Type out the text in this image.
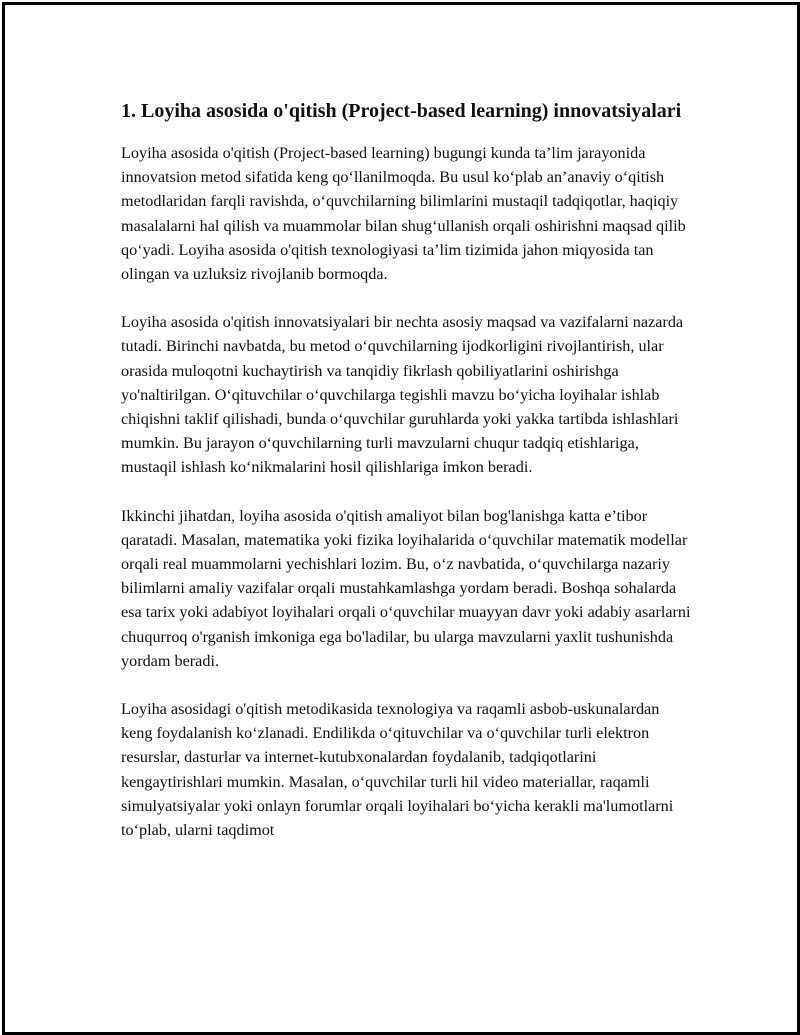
1. Loyiha asosida o'qitish (Project-based learning) innovatsiyalari

Loyiha asosida o'qitish (Project-based learning) bugungi kunda ta’lim jarayonida innovatsion metod sifatida keng qo‘llanilmoqda. Bu usul ko‘plab an’anaviy o‘qitish metodlaridan farqli ravishda, o‘quvchilarning bilimlarini mustaqil tadqiqotlar, haqiqiy masalalarni hal qilish va muammolar bilan shug‘ullanish orqali oshirishni maqsad qilib qo‘yadi. Loyiha asosida o'qitish texnologiyasi ta’lim tizimida jahon miqyosida tan olingan va uzluksiz rivojlanib bormoqda.

Loyiha asosida o'qitish innovatsiyalari bir nechta asosiy maqsad va vazifalarni nazarda tutadi. Birinchi navbatda, bu metod o‘quvchilarning ijodkorligini rivojlantirish, ular orasida muloqotni kuchaytirish va tanqidiy fikrlash qobiliyatlarini oshirishga yo'naltirilgan. O‘qituvchilar o‘quvchilarga tegishli mavzu bo‘yicha loyihalar ishlab chiqishni taklif qilishadi, bunda o‘quvchilar guruhlarda yoki yakka tartibda ishlashlari mumkin. Bu jarayon o‘quvchilarning turli mavzularni chuqur tadqiq etishlariga, mustaqil ishlash ko‘nikmalarini hosil qilishlariga imkon beradi.

Ikkinchi jihatdan, loyiha asosida o'qitish amaliyot bilan bog'lanishga katta e’tibor qaratadi. Masalan, matematika yoki fizika loyihalarida o‘quvchilar matematik modellar orqali real muammolarni yechishlari lozim. Bu, o‘z navbatida, o‘quvchilarga nazariy bilimlarni amaliy vazifalar orqali mustahkamlashga yordam beradi. Boshqa sohalarda esa tarix yoki adabiyot loyihalari orqali o‘quvchilar muayyan davr yoki adabiy asarlarni chuqurroq o'rganish imkoniga ega bo'ladilar, bu ularga mavzularni yaxlit tushunishda yordam beradi.

Loyiha asosidagi o'qitish metodikasida texnologiya va raqamli asbob-uskunalardan keng foydalanish ko‘zlanadi. Endilikda o‘qituvchilar va o‘quvchilar turli elektron resurslar, dasturlar va internet-kutubxonalardan foydalanib, tadqiqotlarini kengaytirishlari mumkin. Masalan, o‘quvchilar turli hil video materiallar, raqamli simulyatsiyalar yoki onlayn forumlar orqali loyihalari bo‘yicha kerakli ma'lumotlarni to‘plab, ularni taqdimot
